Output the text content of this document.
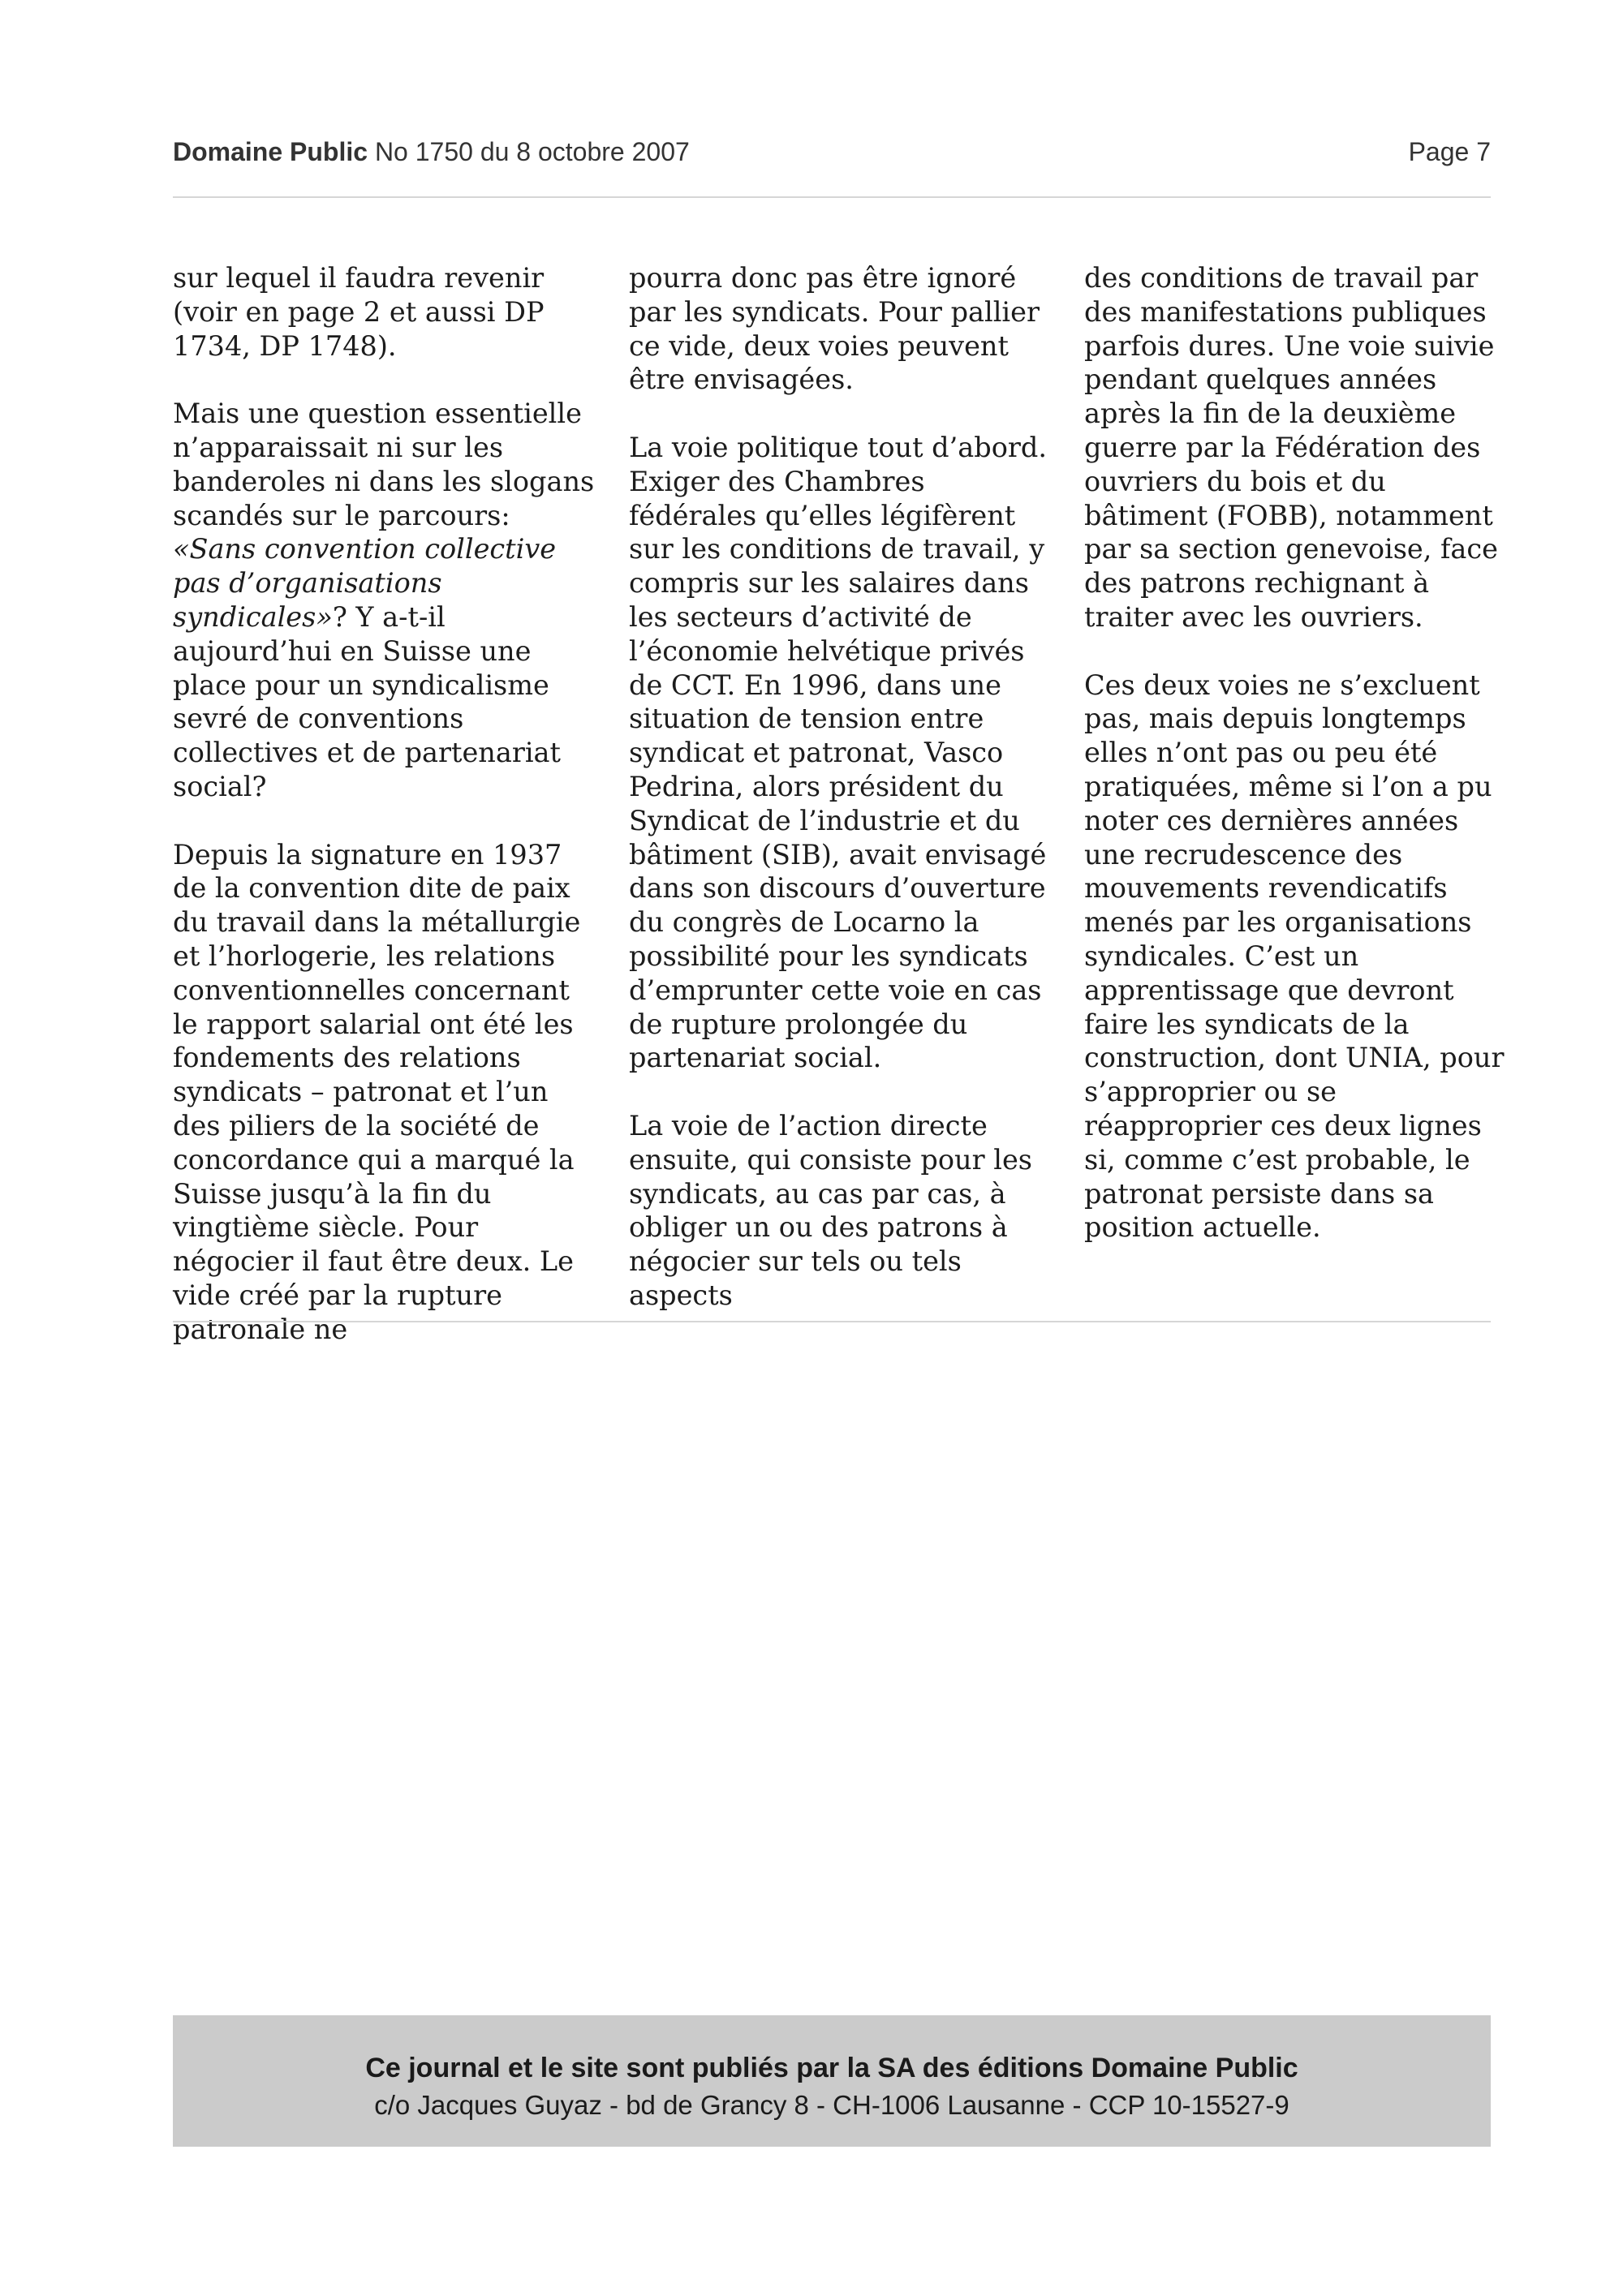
Domaine Public No 1750 du 8 octobre 2007	Page 7

sur lequel il faudra revenir (voir en page 2 et aussi DP 1734, DP 1748).

Mais une question essentielle n’apparaissait ni sur les banderoles ni dans les slogans scandés sur le parcours: «Sans convention collective pas d’organisations syndicales»? Y a-t-il aujourd’hui en Suisse une place pour un syndicalisme sevré de conventions collectives et de partenariat social?

Depuis la signature en 1937 de la convention dite de paix du travail dans la métallurgie et l’horlogerie, les relations conventionnelles concernant le rapport salarial ont été les fondements des relations syndicats – patronat et l’un des piliers de la société de concordance qui a marqué la Suisse jusqu’à la fin du vingtième siècle. Pour négocier il faut être deux. Le vide créé par la rupture patronale ne

pourra donc pas être ignoré par les syndicats. Pour pallier ce vide, deux voies peuvent être envisagées.

La voie politique tout d’abord. Exiger des Chambres fédérales qu’elles légifèrent sur les conditions de travail, y compris sur les salaires dans les secteurs d’activité de l’économie helvétique privés de CCT. En 1996, dans une situation de tension entre syndicat et patronat, Vasco Pedrina, alors président du Syndicat de l’industrie et du bâtiment (SIB), avait envisagé dans son discours d’ouverture du congrès de Locarno la possibilité pour les syndicats d’emprunter cette voie en cas de rupture prolongée du partenariat social.

La voie de l’action directe ensuite, qui consiste pour les syndicats, au cas par cas, à obliger un ou des patrons à négocier sur tels ou tels aspects

des conditions de travail par des manifestations publiques parfois dures. Une voie suivie pendant quelques années après la fin de la deuxième guerre par la Fédération des ouvriers du bois et du bâtiment (FOBB), notamment par sa section genevoise, face des patrons rechignant à traiter avec les ouvriers.

Ces deux voies ne s’excluent pas, mais depuis longtemps elles n’ont pas ou peu été pratiquées, même si l’on a pu noter ces dernières années une recrudescence des mouvements revendicatifs menés par les organisations syndicales. C’est un apprentissage que devront faire les syndicats de la construction, dont UNIA, pour s’approprier ou se réapproprier ces deux lignes si, comme c’est probable, le patronat persiste dans sa position actuelle.

Ce journal et le site sont publiés par la SA des éditions Domaine Public
c/o Jacques Guyaz - bd de Grancy 8 - CH-1006 Lausanne - CCP 10-15527-9
